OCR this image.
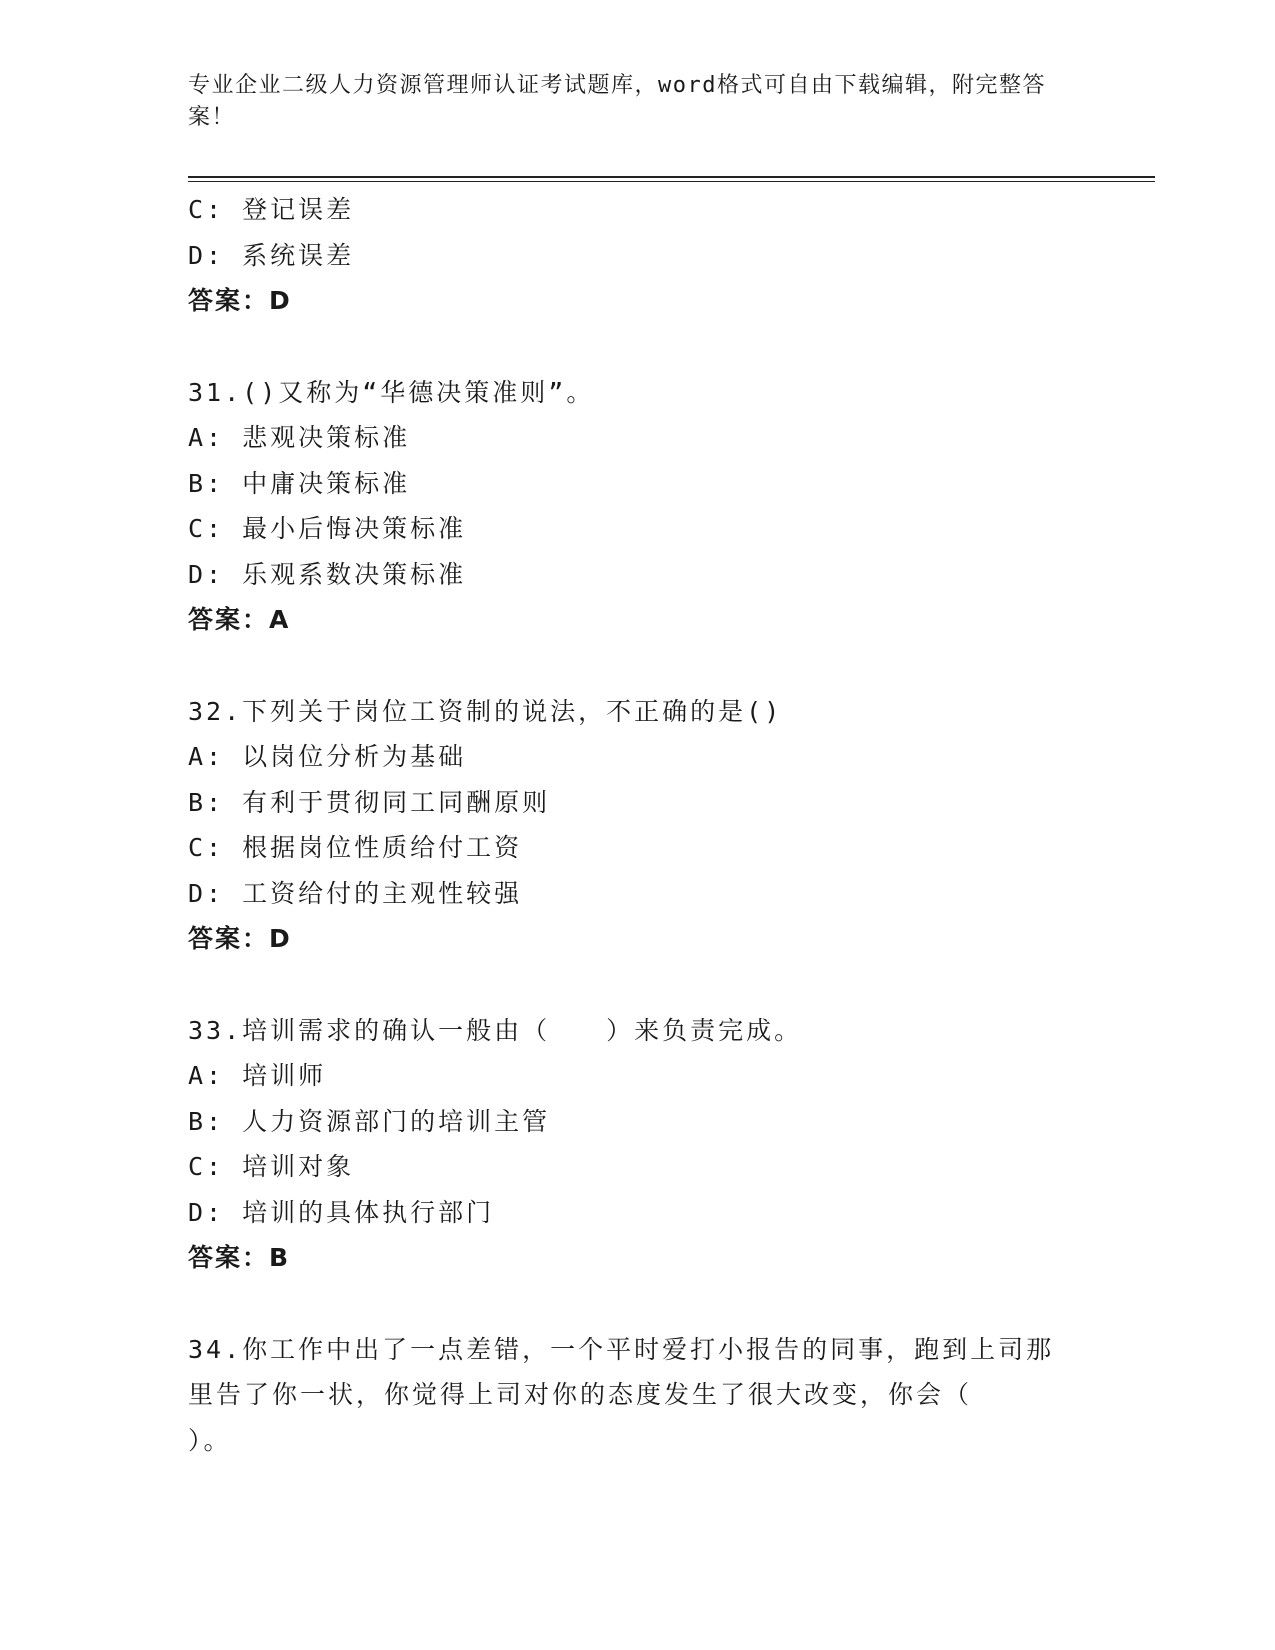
专业企业二级人力资源管理师认证考试题库，word格式可自由下载编辑，附完整答案！
C: 登记误差
D: 系统误差
答案：D
31.()又称为“华德决策准则”。
A: 悲观决策标准
B: 中庸决策标准
C: 最小后悔决策标准
D: 乐观系数决策标准
答案：A
32.下列关于岗位工资制的说法，不正确的是()
A: 以岗位分析为基础
B: 有利于贯彻同工同酬原则
C: 根据岗位性质给付工资
D: 工资给付的主观性较强
答案：D
33.培训需求的确认一般由（　　）来负责完成。
A: 培训师
B: 人力资源部门的培训主管
C: 培训对象
D: 培训的具体执行部门
答案：B
34.你工作中出了一点差错，一个平时爱打小报告的同事，跑到上司那
里告了你一状，你觉得上司对你的态度发生了很大改变，你会（
）。
